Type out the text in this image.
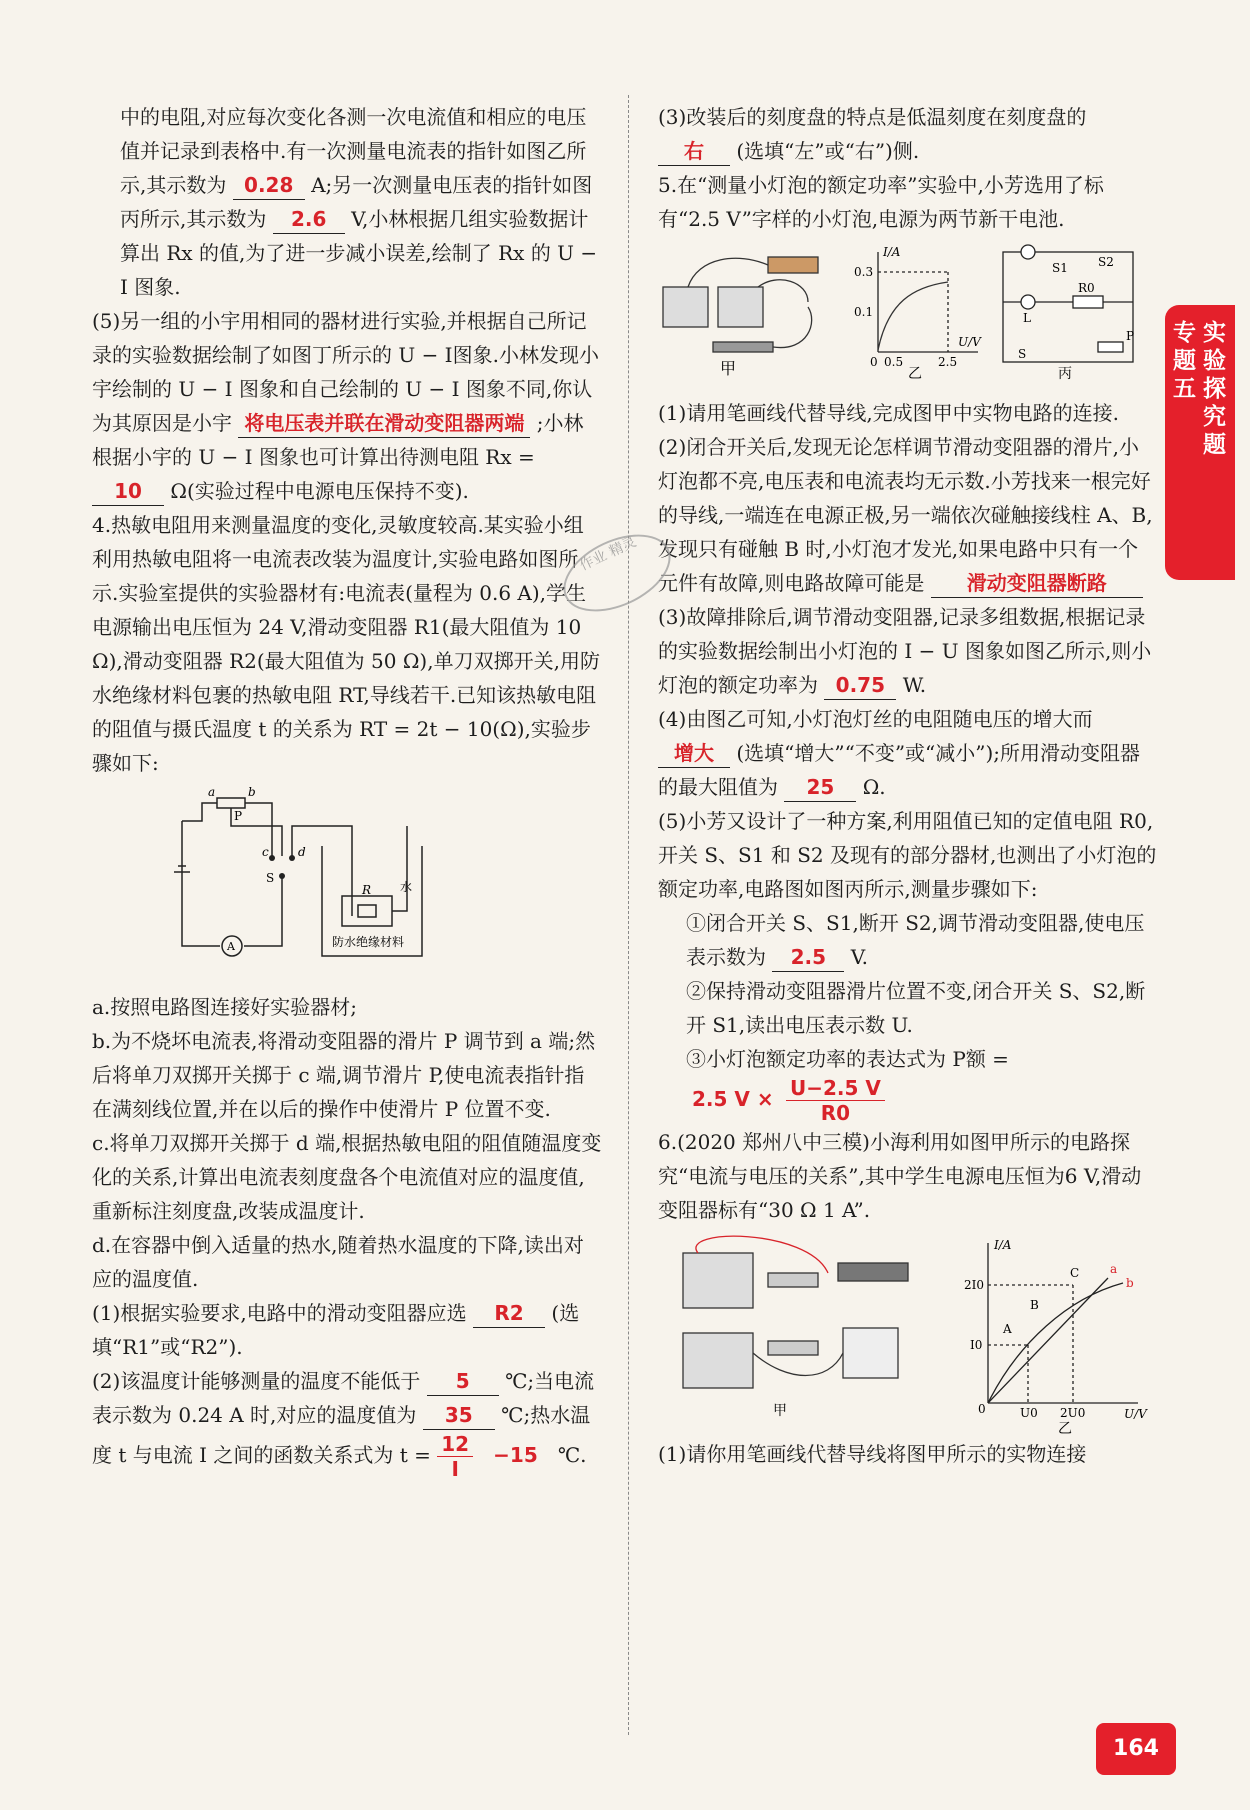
中的电阻,对应每次变化各测一次电流值和相应的电压值并记录到表格中.有一次测量电流表的指针如图乙所示,其示数为 0.28 A;另一次测量电压表的指针如图丙所示,其示数为 2.6 V,小林根据几组实验数据计算出 Rx 的值,为了进一步减小误差,绘制了 Rx 的 U − I 图象.

(5)另一组的小宇用相同的器材进行实验,并根据自己所记录的实验数据绘制了如图丁所示的 U − I图象.小林发现小宇绘制的 U − I 图象和自己绘制的 U − I 图象不同,你认为其原因是小宇 将电压表并联在滑动变阻器两端 ;小林根据小宇的 U − I 图象也可计算出待测电阻 Rx = 10 Ω(实验过程中电源电压保持不变).

4.热敏电阻用来测量温度的变化,灵敏度较高.某实验小组利用热敏电阻将一电流表改装为温度计,实验电路如图所示.实验室提供的实验器材有:电流表(量程为 0.6 A),学生电源输出电压恒为 24 V,滑动变阻器 R1(最大阻值为 10 Ω),滑动变阻器 R2(最大阻值为 50 Ω),单刀双掷开关,用防水绝缘材料包裹的热敏电阻 RT,导线若干.已知该热敏电阻的阻值与摄氏温度 t 的关系为 RT = 2t − 10(Ω),实验步骤如下:

A
a	b
P
c d
S
R 水
防水绝缘材料

a.按照电路图连接好实验器材;

b.为不烧坏电流表,将滑动变阻器的滑片 P 调节到 a 端;然后将单刀双掷开关掷于 c 端,调节滑片 P,使电流表指针指在满刻线位置,并在以后的操作中使滑片 P 位置不变.

c.将单刀双掷开关掷于 d 端,根据热敏电阻的阻值随温度变化的关系,计算出电流表刻度盘各个电流值对应的温度值,重新标注刻度盘,改装成温度计.

d.在容器中倒入适量的热水,随着热水温度的下降,读出对应的温度值.

(1)根据实验要求,电路中的滑动变阻器应选 R2 (选填“R1”或“R2”).

(2)该温度计能够测量的温度不能低于 5 ℃;当电流表示数为 0.24 A 时,对应的温度值为 35 ℃;热水温度 t 与电流 I 之间的函数关系式为 $t = \frac{12}{I} -15$ ℃.

(3)改装后的刻度盘的特点是低温刻度在刻度盘的 右 (选填“左”或“右”)侧.

5.在“测量小灯泡的额定功率”实验中,小芳选用了标有“2.5 V”字样的小灯泡,电源为两节新干电池.

甲
I/A
U/V
0.3
0.1
0 0.5	2.5
乙
S1	S2
R0
L
S
P
丙

(1)请用笔画线代替导线,完成图甲中实物电路的连接.

(2)闭合开关后,发现无论怎样调节滑动变阻器的滑片,小灯泡都不亮,电压表和电流表均无示数.小芳找来一根完好的导线,一端连在电源正极,另一端依次碰触接线柱 A、B,发现只有碰触 B 时,小灯泡才发光,如果电路中只有一个元件有故障,则电路故障可能是 滑动变阻器断路

(3)故障排除后,调节滑动变阻器,记录多组数据,根据记录的实验数据绘制出小灯泡的 I − U 图象如图乙所示,则小灯泡的额定功率为 0.75 W.

(4)由图乙可知,小灯泡灯丝的电阻随电压的增大而 增大 (选填“增大”“不变”或“减小”);所用滑动变阻器的最大阻值为 25 Ω.

(5)小芳又设计了一种方案,利用阻值已知的定值电阻 R0,开关 S、S1 和 S2 及现有的部分器材,也测出了小灯泡的额定功率,电路图如图丙所示,测量步骤如下:

①闭合开关 S、S1,断开 S2,调节滑动变阻器,使电压表示数为 2.5 V.

②保持滑动变阻器滑片位置不变,闭合开关 S、S2,断开 S1,读出电压表示数 U.

③小灯泡额定功率的表达式为 P额 =
2.5 $V \times \frac{U-2.5 V}{R0}$

6.(2020 郑州八中三模)小海利用如图甲所示的电路探究“电流与电压的关系”,其中学生电源电压恒为6 V,滑动变阻器标有“30 Ω 1 A”.

甲
I/A
U/V
2I0
I0
0	U0 2U0
A
B
C	a
b
乙

(1)请你用笔画线代替导线将图甲所示的实物连接

专题五
实验探究题
作业 精灵
164
